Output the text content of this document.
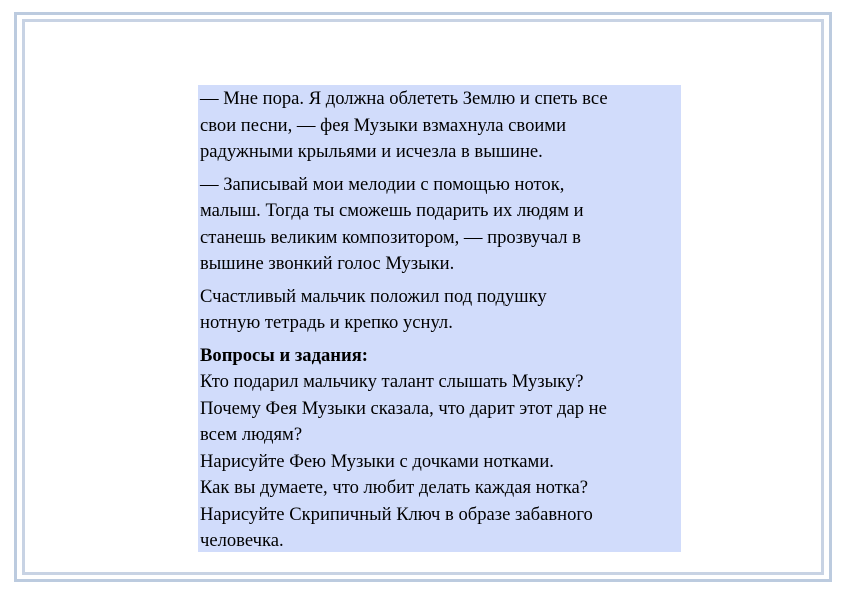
— Мне пора. Я должна облететь Землю и спеть все
свои песни, — фея Музыки взмахнула своими
радужными крыльями и исчезла в вышине.
— Записывай мои мелодии с помощью ноток,
малыш. Тогда ты сможешь подарить их людям и
станешь великим композитором, — прозвучал в
вышине звонкий голос Музыки.
Счастливый мальчик положил под подушку
нотную тетрадь и крепко уснул.
Вопросы и задания:
Кто подарил мальчику талант слышать Музыку?
Почему Фея Музыки сказала, что дарит этот дар не
всем людям?
Нарисуйте Фею Музыки с дочками нотками.
Как вы думаете, что любит делать каждая нотка?
Нарисуйте Скрипичный Ключ в образе забавного
человечка.
